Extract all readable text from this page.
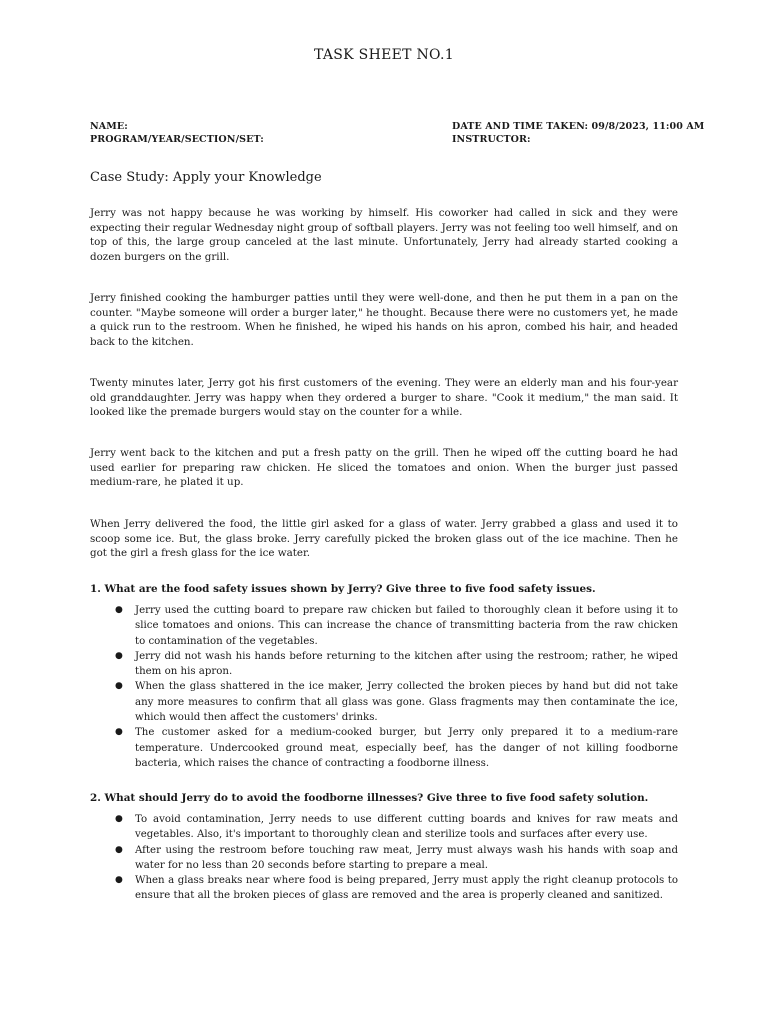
TASK SHEET NO.1
NAME:
PROGRAM/YEAR/SECTION/SET:
DATE AND TIME TAKEN: 09/8/2023, 11:00 AM
INSTRUCTOR:
Case Study: Apply your Knowledge

Jerry was not happy because he was working by himself. His coworker had called in sick and they were expecting their regular Wednesday night group of softball players. Jerry was not feeling too well himself, and on top of this, the large group canceled at the last minute. Unfortunately, Jerry had already started cooking a dozen burgers on the grill.

Jerry finished cooking the hamburger patties until they were well-done, and then he put them in a pan on the counter. "Maybe someone will order a burger later," he thought. Because there were no customers yet, he made a quick run to the restroom. When he finished, he wiped his hands on his apron, combed his hair, and headed back to the kitchen.

Twenty minutes later, Jerry got his first customers of the evening. They were an elderly man and his four-year old granddaughter. Jerry was happy when they ordered a burger to share. "Cook it medium," the man said. It looked like the premade burgers would stay on the counter for a while.

Jerry went back to the kitchen and put a fresh patty on the grill. Then he wiped off the cutting board he had used earlier for preparing raw chicken. He sliced the tomatoes and onion. When the burger just passed medium-rare, he plated it up.

When Jerry delivered the food, the little girl asked for a glass of water. Jerry grabbed a glass and used it to scoop some ice. But, the glass broke. Jerry carefully picked the broken glass out of the ice machine. Then he got the girl a fresh glass for the ice water.

1. What are the food safety issues shown by Jerry? Give three to five food safety issues.

● Jerry used the cutting board to prepare raw chicken but failed to thoroughly clean it before using it to slice tomatoes and onions. This can increase the chance of transmitting bacteria from the raw chicken to contamination of the vegetables.
● Jerry did not wash his hands before returning to the kitchen after using the restroom; rather, he wiped them on his apron.
● When the glass shattered in the ice maker, Jerry collected the broken pieces by hand but did not take any more measures to confirm that all glass was gone. Glass fragments may then contaminate the ice, which would then affect the customers' drinks.
● The customer asked for a medium-cooked burger, but Jerry only prepared it to a medium-rare temperature. Undercooked ground meat, especially beef, has the danger of not killing foodborne bacteria, which raises the chance of contracting a foodborne illness.

2. What should Jerry do to avoid the foodborne illnesses? Give three to five food safety solution.

● To avoid contamination, Jerry needs to use different cutting boards and knives for raw meats and vegetables. Also, it's important to thoroughly clean and sterilize tools and surfaces after every use.
● After using the restroom before touching raw meat, Jerry must always wash his hands with soap and water for no less than 20 seconds before starting to prepare a meal.
● When a glass breaks near where food is being prepared, Jerry must apply the right cleanup protocols to ensure that all the broken pieces of glass are removed and the area is properly cleaned and sanitized.
